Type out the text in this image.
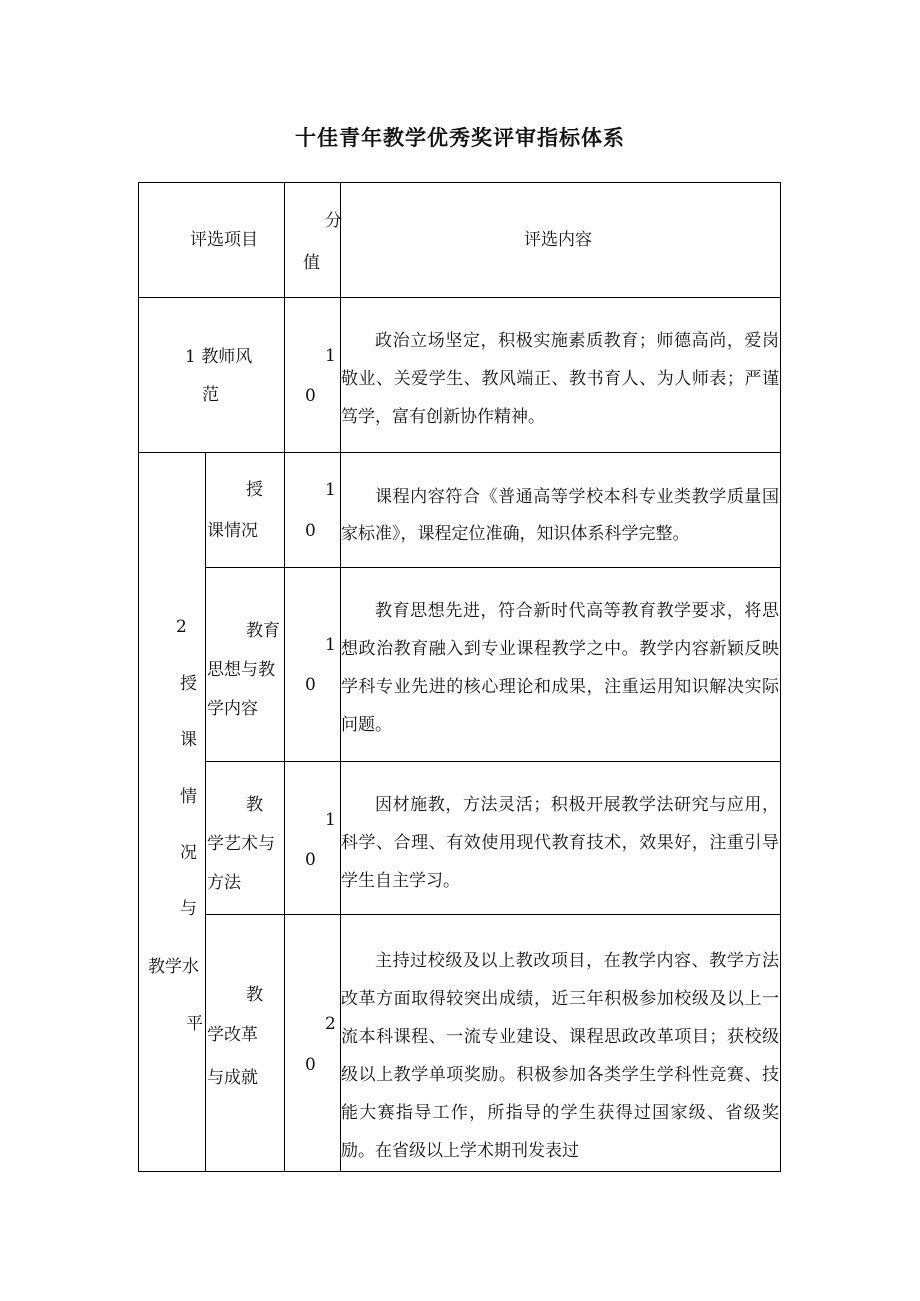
十佳青年教学优秀奖评审指标体系
评选项目
分
值
评选内容
1 教师风
范
1
0
政治立场坚定，积极实施素质教育；师德高尚，爱岗敬业、关爱学生、教风端正、教书育人、为人师表；严谨笃学，富有创新协作精神。
2
授
课
情
况
与
教学水
平
授
课情况
1
0
课程内容符合《普通高等学校本科专业类教学质量国家标准》，课程定位准确，知识体系科学完整。
教育
思想与教
学内容
1
0
教育思想先进，符合新时代高等教育教学要求，将思想政治教育融入到专业课程教学之中。教学内容新颖反映学科专业先进的核心理论和成果，注重运用知识解决实际问题。
教
学艺术与
方法
1
0
因材施教，方法灵活；积极开展教学法研究与应用，科学、合理、有效使用现代教育技术，效果好，注重引导学生自主学习。
教
学改革
与成就
2
0
主持过校级及以上教改项目，在教学内容、教学方法改革方面取得较突出成绩，近三年积极参加校级及以上一流本科课程、一流专业建设、课程思政改革项目；获校级级以上教学单项奖励。积极参加各类学生学科性竞赛、技能大赛指导工作，所指导的学生获得过国家级、省级奖励。在省级以上学术期刊发表过
